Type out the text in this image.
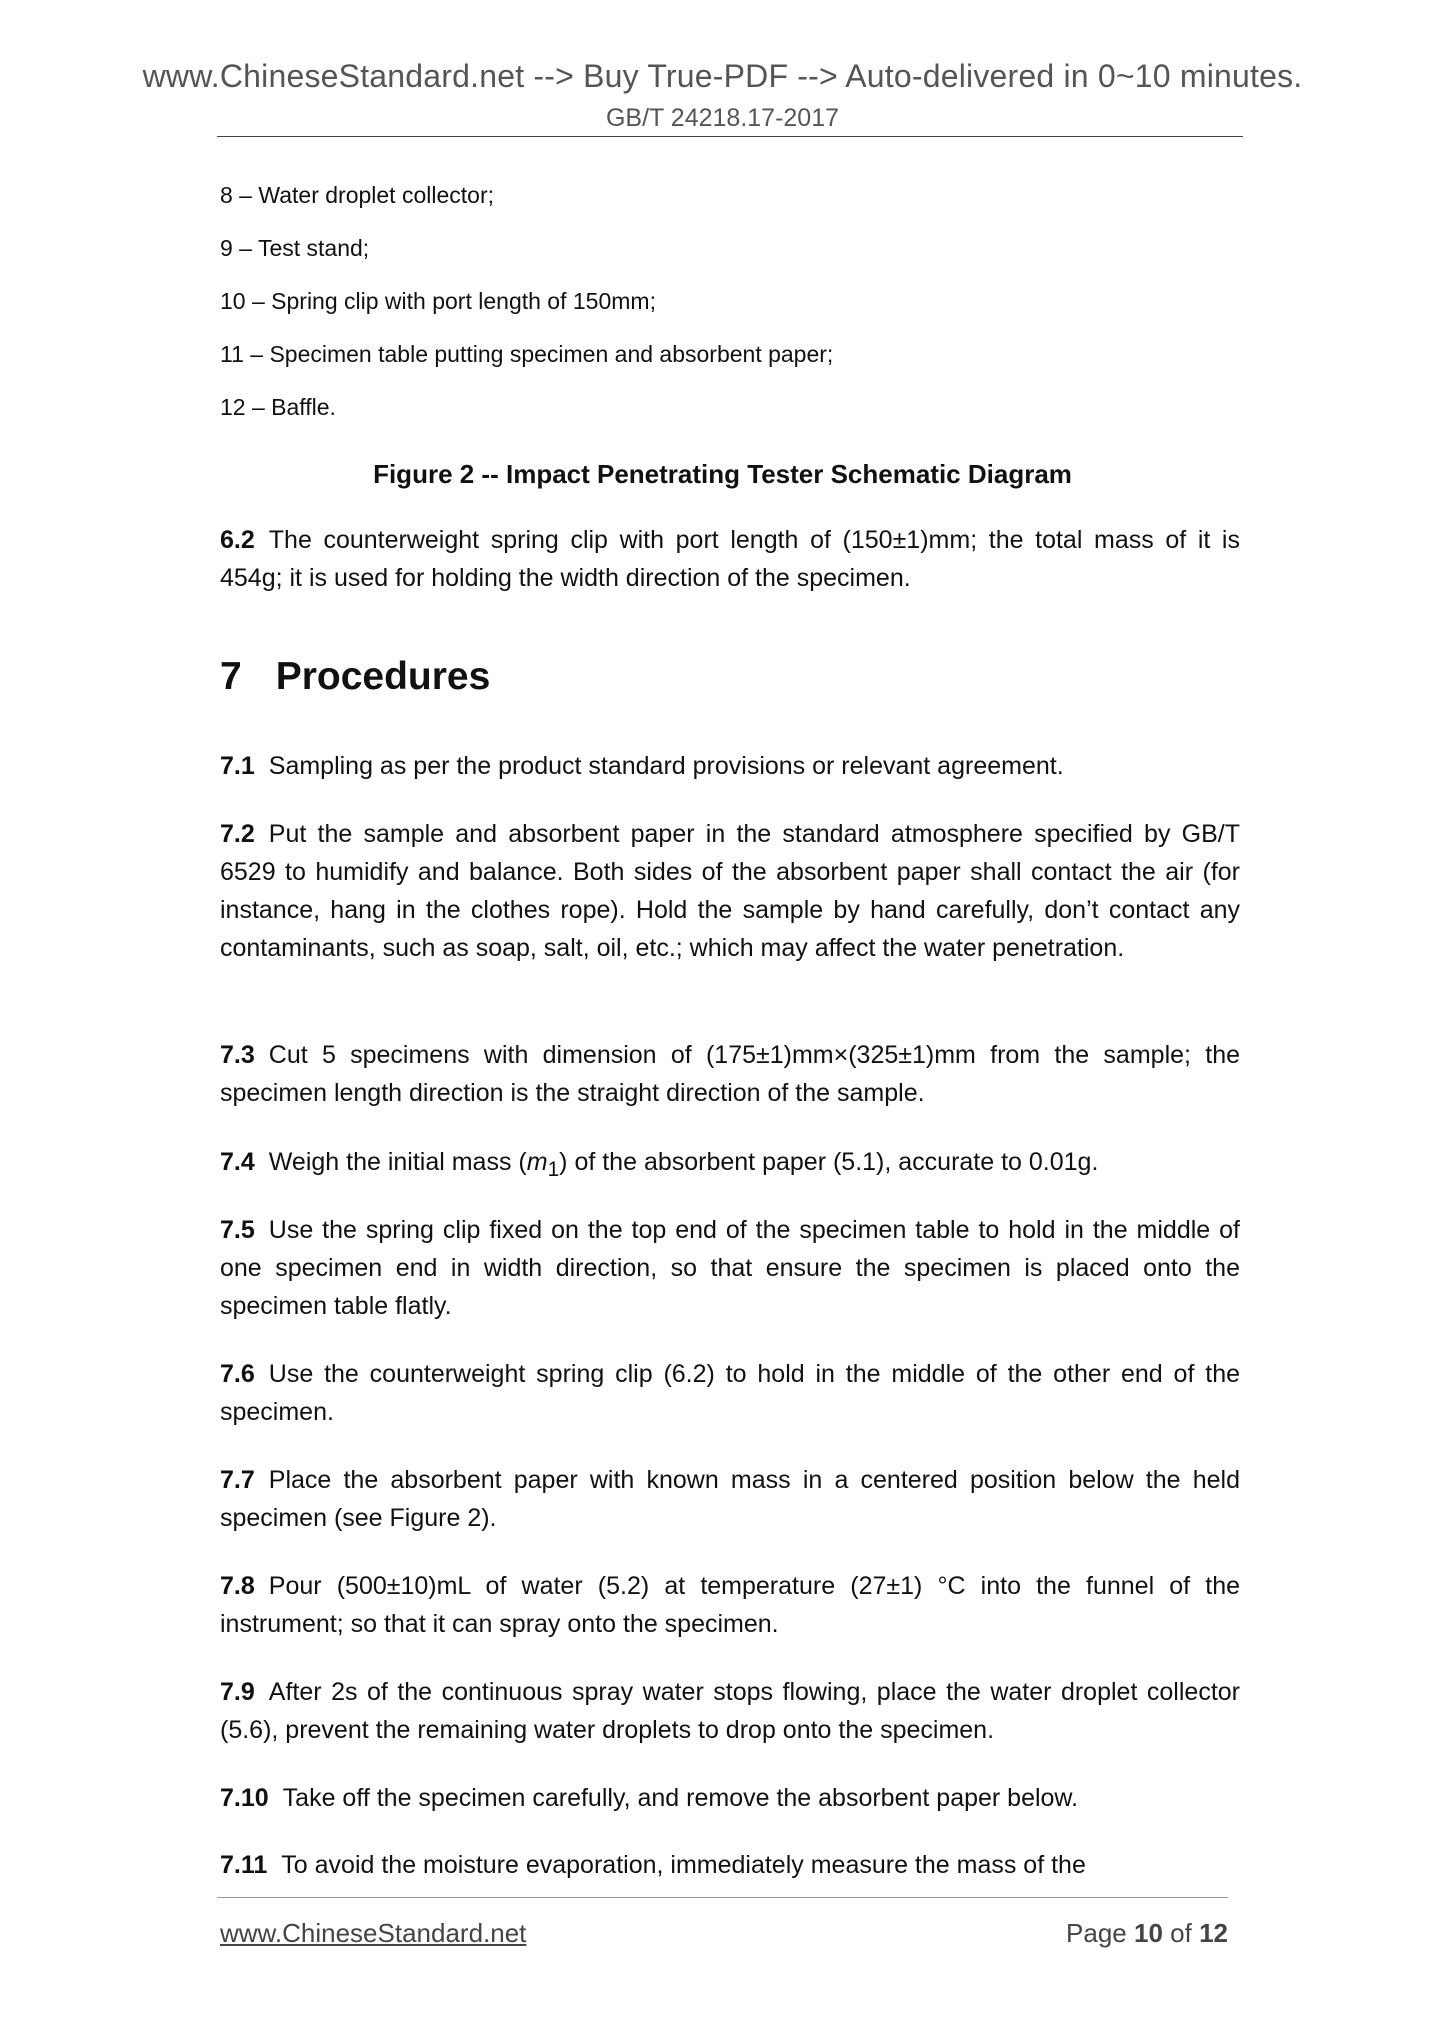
www.ChineseStandard.net --> Buy True-PDF --> Auto-delivered in 0~10 minutes.
GB/T 24218.17-2017
8 – Water droplet collector;
9 – Test stand;
10 – Spring clip with port length of 150mm;
11 – Specimen table putting specimen and absorbent paper;
12 – Baffle.
Figure 2 -- Impact Penetrating Tester Schematic Diagram

6.2 The counterweight spring clip with port length of (150±1)mm; the total mass of it is 454g; it is used for holding the width direction of the specimen.

7 Procedures

7.1 Sampling as per the product standard provisions or relevant agreement.

7.2 Put the sample and absorbent paper in the standard atmosphere specified by GB/T 6529 to humidify and balance. Both sides of the absorbent paper shall contact the air (for instance, hang in the clothes rope). Hold the sample by hand carefully, don’t contact any contaminants, such as soap, salt, oil, etc.; which may affect the water penetration.

7.3 Cut 5 specimens with dimension of (175±1)mm×(325±1)mm from the sample; the specimen length direction is the straight direction of the sample.

7.4 Weigh the initial mass $(m_1)$ of the absorbent paper (5.1), accurate to 0.01g.

7.5 Use the spring clip fixed on the top end of the specimen table to hold in the middle of one specimen end in width direction, so that ensure the specimen is placed onto the specimen table flatly.

7.6 Use the counterweight spring clip (6.2) to hold in the middle of the other end of the specimen.

7.7 Place the absorbent paper with known mass in a centered position below the held specimen (see Figure 2).

7.8 Pour (500±10)mL of water (5.2) at temperature (27±1) °C into the funnel of the instrument; so that it can spray onto the specimen.

7.9 After 2s of the continuous spray water stops flowing, place the water droplet collector (5.6), prevent the remaining water droplets to drop onto the specimen.

7.10 Take off the specimen carefully, and remove the absorbent paper below.

7.11 To avoid the moisture evaporation, immediately measure the mass of the

www.ChineseStandard.net	Page 10 of 12
